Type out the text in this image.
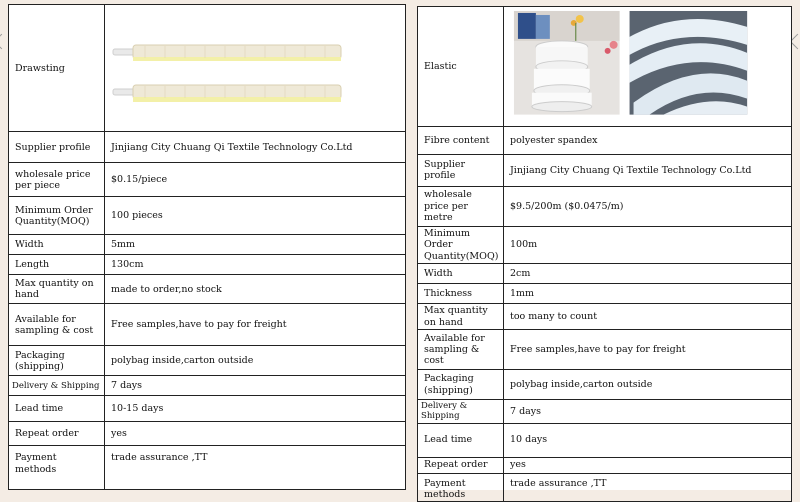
Drawsting	
Supplier profile	Jinjiang City Chuang Qi Textile Technology Co.Ltd
wholesale price per piece	$0.15/piece
Minimum Order Quantity(MOQ)	100 pieces
Width	5mm
Length	130cm
Max quantity on hand	made to order,no stock
Available for sampling & cost	Free samples,have to pay for freight
Packaging (shipping)	polybag inside,carton outside
Delivery & Shipping	7 days
Lead time	10-15 days
Repeat order	yes
Payment methods	trade assurance ,TT
Elastic	
Fibre content	polyester spandex
Supplier profile	Jinjiang City Chuang Qi Textile Technology Co.Ltd
wholesale price per metre	$9.5/200m ($0.0475/m)
Minimum Order Quantity(MOQ)	100m
Width	2cm
Thickness	1mm
Max quantity on hand	too many to count
Available for sampling & cost	Free samples,have to pay for freight
Packaging (shipping)	polybag inside,carton outside
Delivery & Shipping	7 days
Lead time	10 days
Repeat order	yes
Payment methods	trade assurance ,TT
